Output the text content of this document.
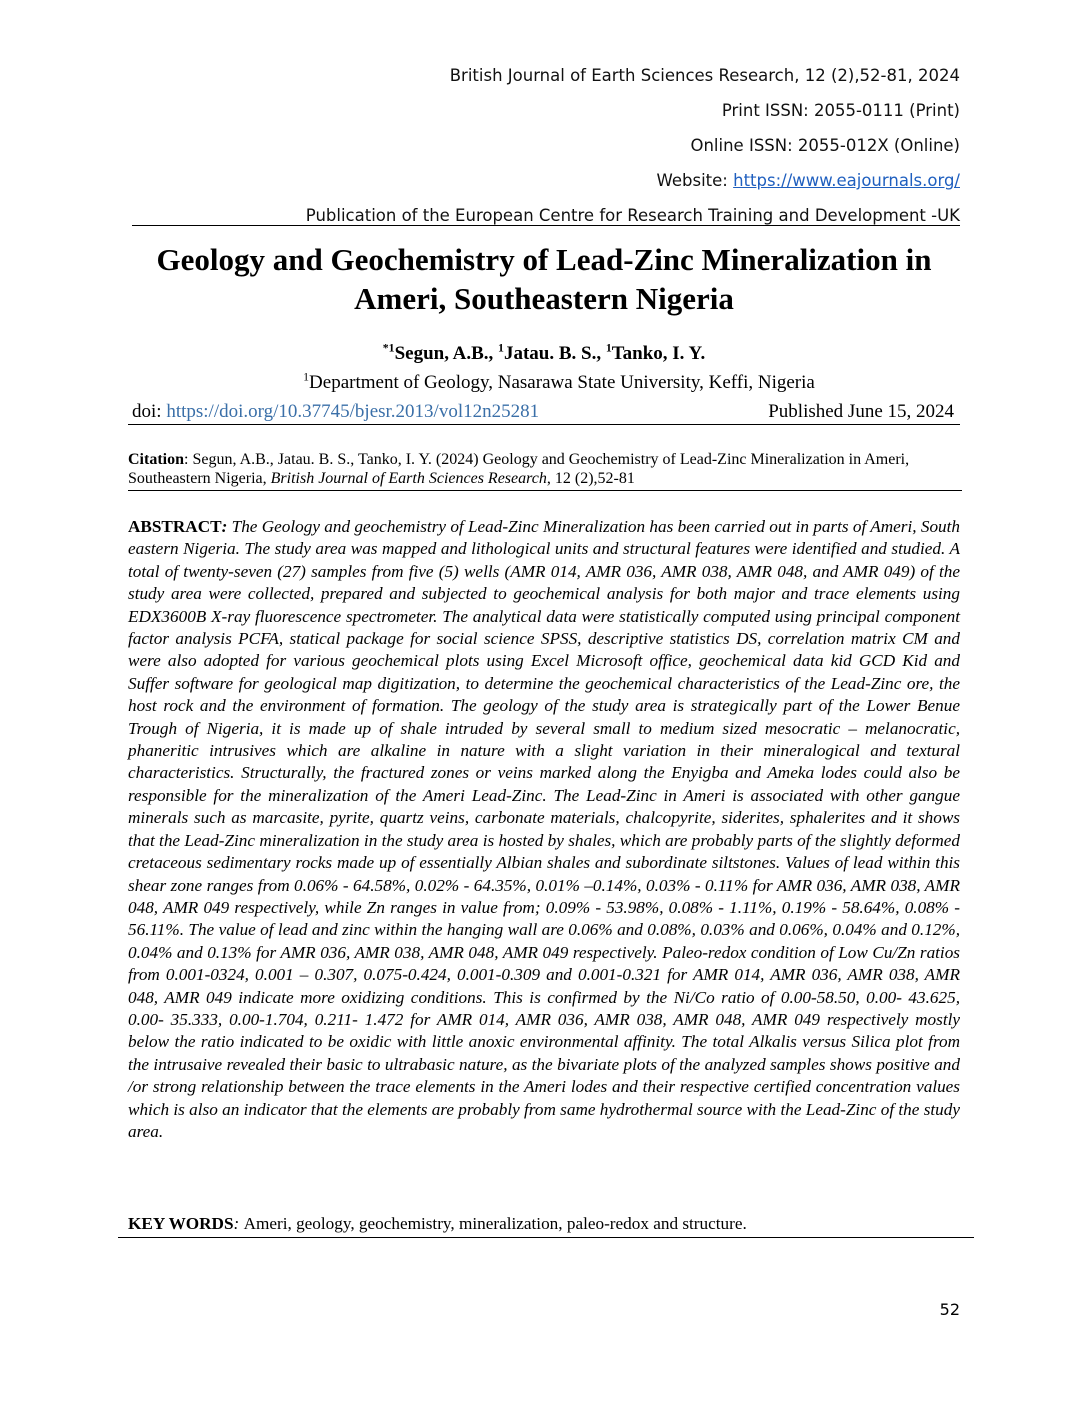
British Journal of Earth Sciences Research, 12 (2),52-81, 2024
Print ISSN: 2055-0111 (Print)
Online ISSN: 2055-012X (Online)
Website: https://www.eajournals.org/
Publication of the European Centre for Research Training and Development -UK
Geology and Geochemistry of Lead-Zinc Mineralization in
Ameri, Southeastern Nigeria
$^{*1}$Segun, A.B., $^1$Jatau. B. S., $^1$Tanko, I. Y.
$^1$Department of Geology, Nasarawa State University, Keffi, Nigeria
doi: https://doi.org/10.37745/bjesr.2013/vol12n25281	Published June 15, 2024
Citation: Segun, A.B., Jatau. B. S., Tanko, I. Y. (2024) Geology and Geochemistry of Lead-Zinc Mineralization in Ameri, Southeastern Nigeria, British Journal of Earth Sciences Research, 12 (2),52-81
ABSTRACT: The Geology and geochemistry of Lead-Zinc Mineralization has been carried out in parts of Ameri, South eastern Nigeria. The study area was mapped and lithological units and structural features were identified and studied. A total of twenty-seven (27) samples from five (5) wells (AMR 014, AMR 036, AMR 038, AMR 048, and AMR 049) of the study area were collected, prepared and subjected to geochemical analysis for both major and trace elements using EDX3600B X-ray fluorescence spectrometer. The analytical data were statistically computed using principal component factor analysis PCFA, statical package for social science SPSS, descriptive statistics DS, correlation matrix CM and were also adopted for various geochemical plots using Excel Microsoft office, geochemical data kid GCD Kid and Suffer software for geological map digitization, to determine the geochemical characteristics of the Lead-Zinc ore, the host rock and the environment of formation. The geology of the study area is strategically part of the Lower Benue Trough of Nigeria, it is made up of shale intruded by several small to medium sized mesocratic – melanocratic, phaneritic intrusives which are alkaline in nature with a slight variation in their mineralogical and textural characteristics. Structurally, the fractured zones or veins marked along the Enyigba and Ameka lodes could also be responsible for the mineralization of the Ameri Lead-Zinc. The Lead-Zinc in Ameri is associated with other gangue minerals such as marcasite, pyrite, quartz veins, carbonate materials, chalcopyrite, siderites, sphalerites and it shows that the Lead-Zinc mineralization in the study area is hosted by shales, which are probably parts of the slightly deformed cretaceous sedimentary rocks made up of essentially Albian shales and subordinate siltstones. Values of lead within this shear zone ranges from 0.06% - 64.58%, 0.02% - 64.35%, 0.01% –0.14%, 0.03% - 0.11% for AMR 036, AMR 038, AMR 048, AMR 049 respectively, while Zn ranges in value from; 0.09% - 53.98%, 0.08% - 1.11%, 0.19% - 58.64%, 0.08% - 56.11%. The value of lead and zinc within the hanging wall are 0.06% and 0.08%, 0.03% and 0.06%, 0.04% and 0.12%, 0.04% and 0.13% for AMR 036, AMR 038, AMR 048, AMR 049 respectively. Paleo-redox condition of Low Cu/Zn ratios from 0.001-0324, 0.001 – 0.307, 0.075-0.424, 0.001-0.309 and 0.001-0.321 for AMR 014, AMR 036, AMR 038, AMR 048, AMR 049 indicate more oxidizing conditions. This is confirmed by the Ni/Co ratio of 0.00-58.50, 0.00- 43.625, 0.00- 35.333, 0.00-1.704, 0.211- 1.472 for AMR 014, AMR 036, AMR 038, AMR 048, AMR 049 respectively mostly below the ratio indicated to be oxidic with little anoxic environmental affinity. The total Alkalis versus Silica plot from the intrusaive revealed their basic to ultrabasic nature, as the bivariate plots of the analyzed samples shows positive and /or strong relationship between the trace elements in the Ameri lodes and their respective certified concentration values which is also an indicator that the elements are probably from same hydrothermal source with the Lead-Zinc of the study area.
KEY WORDS: Ameri, geology, geochemistry, mineralization, paleo-redox and structure.
52
